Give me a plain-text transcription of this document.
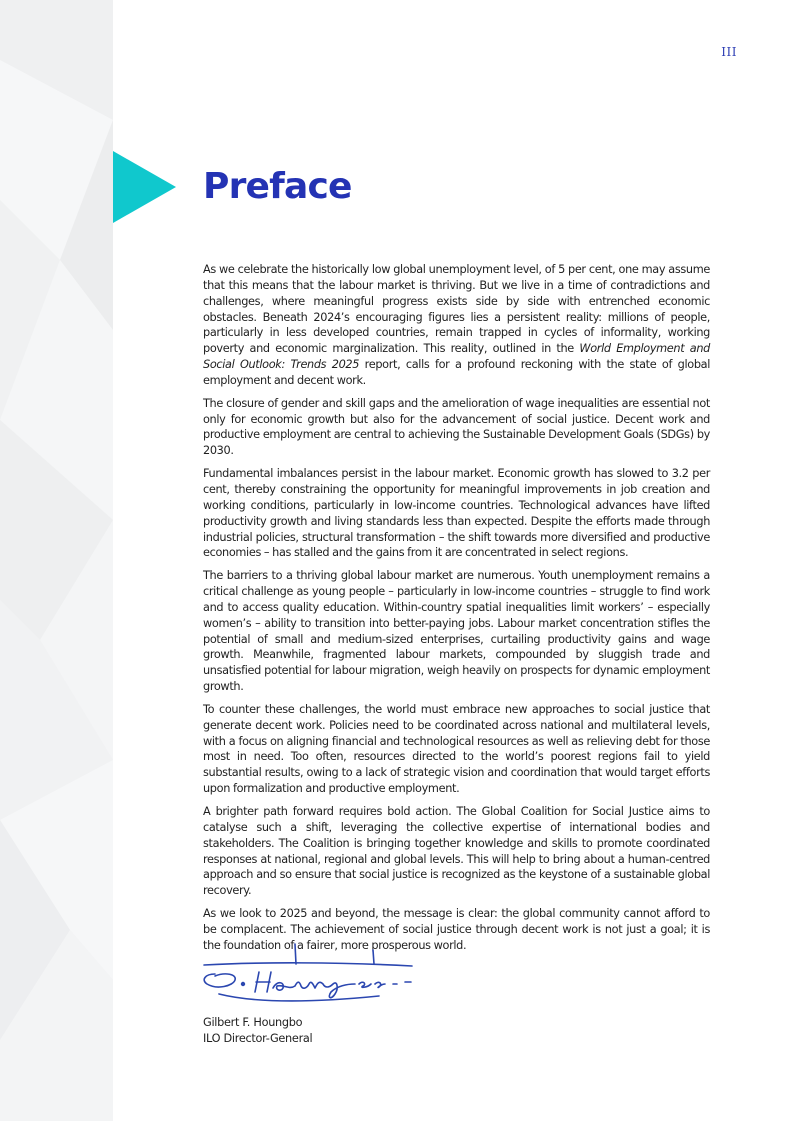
III
Preface

As we celebrate the historically low global unemployment level, of 5 per cent, one may assume that this means that the labour market is thriving. But we live in a time of contradictions and challenges, where meaningful progress exists side by side with entrenched economic obstacles. Beneath 2024’s encouraging figures lies a persistent reality: millions of people, particularly in less developed countries, remain trapped in cycles of informality, working poverty and economic marginalization. This reality, outlined in the World Employment and Social Outlook: Trends 2025 report, calls for a profound reckoning with the state of global employment and decent work.

The closure of gender and skill gaps and the amelioration of wage inequalities are essential not only for economic growth but also for the advancement of social justice. Decent work and productive employment are central to achieving the Sustainable Development Goals (SDGs) by 2030.

Fundamental imbalances persist in the labour market. Economic growth has slowed to 3.2 per cent, thereby constraining the opportunity for meaningful improvements in job creation and working conditions, particularly in low-income countries. Technological advances have lifted productivity growth and living standards less than expected. Despite the efforts made through industrial policies, structural transformation – the shift towards more diversified and productive economies – has stalled and the gains from it are concentrated in select regions.

The barriers to a thriving global labour market are numerous. Youth unemployment remains a critical challenge as young people – particularly in low-income countries – struggle to find work and to access quality education. Within-country spatial inequalities limit workers’ – especially women’s – ability to transition into better-paying jobs. Labour market concentration stifles the potential of small and medium-sized enterprises, curtailing productivity gains and wage growth. Meanwhile, fragmented labour markets, compounded by sluggish trade and unsatisfied potential for labour migration, weigh heavily on prospects for dynamic employment growth.

To counter these challenges, the world must embrace new approaches to social justice that generate decent work. Policies need to be coordinated across national and multilateral levels, with a focus on aligning financial and technological resources as well as relieving debt for those most in need. Too often, resources directed to the world’s poorest regions fail to yield substantial results, owing to a lack of strategic vision and coordination that would target efforts upon formalization and productive employment.

A brighter path forward requires bold action. The Global Coalition for Social Justice aims to catalyse such a shift, leveraging the collective expertise of international bodies and stakeholders. The Coalition is bringing together knowledge and skills to promote coordinated responses at national, regional and global levels. This will help to bring about a human-centred approach and so ensure that social justice is recognized as the keystone of a sustainable global recovery.

As we look to 2025 and beyond, the message is clear: the global community cannot afford to be complacent. The achievement of social justice through decent work is not just a goal; it is the foundation of a fairer, more prosperous world.

Gilbert F. Houngbo
ILO Director-General
